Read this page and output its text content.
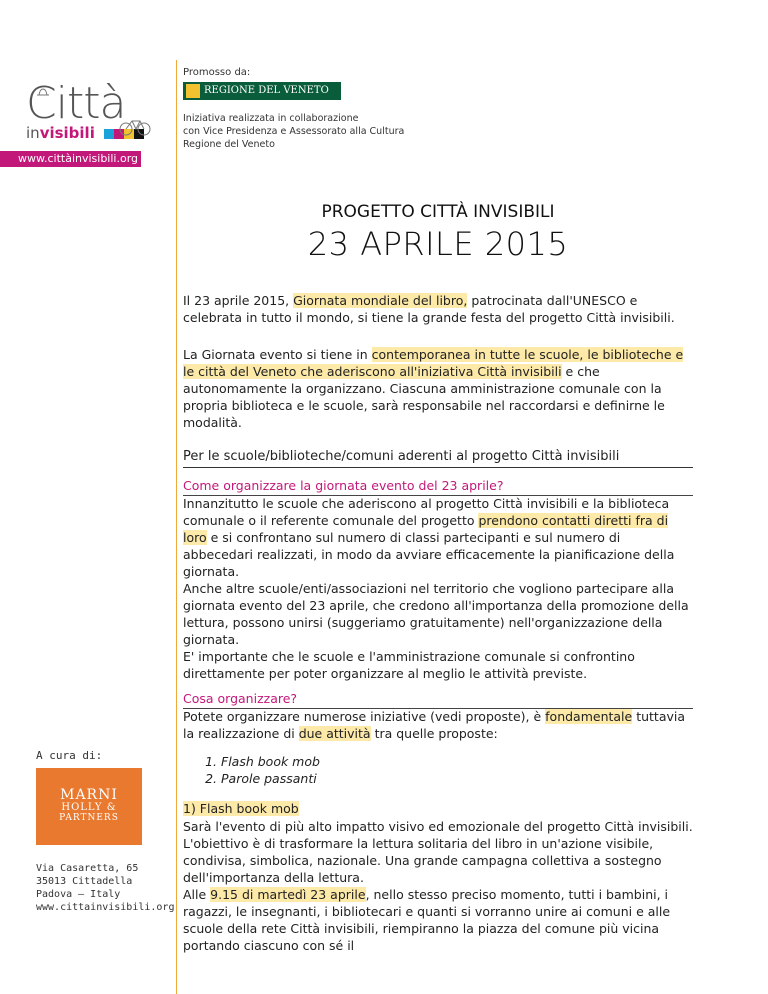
Città
invisibili
www.cittàinvisibili.org
A cura di:
MARNI
HOLLY &
PARTNERS
Via Casaretta, 65
35013 Cittadella
Padova – Italy
www.cittainvisibili.org
Promosso da:
REGIONE DEL VENETO
Iniziativa realizzata in collaborazione
con Vice Presidenza e Assessorato alla Cultura
Regione del Veneto
PROGETTO CITTÀ INVISIBILI
23 APRILE 2015

Il 23 aprile 2015, Giornata mondiale del libro, patrocinata dall'UNESCO e celebrata in tutto il mondo, si tiene la grande festa del progetto Città invisibili.

La Giornata evento si tiene in contemporanea in tutte le scuole, le biblioteche e le città del Veneto che aderiscono all'iniziativa Città invisibili e che autonomamente la organizzano. Ciascuna amministrazione comunale con la propria biblioteca e le scuole, sarà responsabile nel raccordarsi e definirne le modalità.

Per le scuole/biblioteche/comuni aderenti al progetto Città invisibili
Come organizzare la giornata evento del 23 aprile?

Innanzitutto le scuole che aderiscono al progetto Città invisibili e la biblioteca comunale o il referente comunale del progetto prendono contatti diretti fra di loro e si confrontano sul numero di classi partecipanti e sul numero di abbecedari realizzati, in modo da avviare efficacemente la pianificazione della giornata.

Anche altre scuole/enti/associazioni nel territorio che vogliono partecipare alla giornata evento del 23 aprile, che credono all'importanza della promozione della lettura, possono unirsi (suggeriamo gratuitamente) nell'organizzazione della giornata.

E' importante che le scuole e l'amministrazione comunale si confrontino direttamente per poter organizzare al meglio le attività previste.

Cosa organizzare?

Potete organizzare numerose iniziative (vedi proposte), è fondamentale tuttavia la realizzazione di due attività tra quelle proposte:

1. Flash book mob
2. Parole passanti
1) Flash book mob

Sarà l'evento di più alto impatto visivo ed emozionale del progetto Città invisibili. L'obiettivo è di trasformare la lettura solitaria del libro in un'azione visibile, condivisa, simbolica, nazionale. Una grande campagna collettiva a sostegno dell'importanza della lettura.
Alle 9.15 di martedì 23 aprile, nello stesso preciso momento, tutti i bambini, i ragazzi, le insegnanti, i bibliotecari e quanti si vorranno unire ai comuni e alle scuole della rete Città invisibili, riempiranno la piazza del comune più vicina portando ciascuno con sé il
